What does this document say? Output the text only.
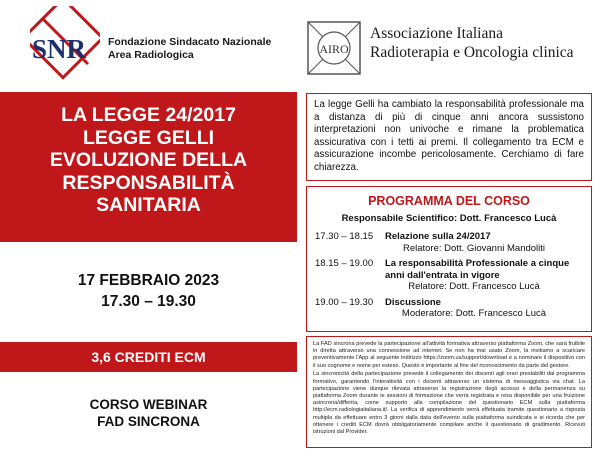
SNR Fondazione Sindacato Nazionale
Area Radiologica	AIRO
Associazione Italiana
Radioterapia e Oncologia clinica
LA LEGGE 24/2017
LEGGE GELLI
EVOLUZIONE DELLA
RESPONSABILITÀ
SANITARIA
17 FEBBRAIO 2023
17.30 – 19.30
3,6 CREDITI ECM
CORSO WEBINAR
FAD SINCRONA
La legge Gelli ha cambiato la responsabilità professionale ma a distanza di più di cinque anni ancora sussistono interpretazioni non univoche e rimane la problematica assicurativa con i tetti ai premi. Il collegamento tra ECM e assicurazione incombe pericolosamente. Cerchiamo di fare chiarezza.
PROGRAMMA DEL CORSO
Responsabile Scientifico: Dott. Francesco Lucà
17.30 – 18.15	Relazione sulla 24/2017
Relatore: Dott. Giovanni Mandoliti
18.15 – 19.00	La responsabilità Professionale a cinque anni dall'entrata in vigore
Relatore: Dott. Francesco Lucà
19.00 – 19.30	Discussione
Moderatore: Dott. Francesco Lucà

La FAD sincrona prevede la partecipazione all'attività formativa attraverso piattaforma Zoom, che sarà fruibile in diretta attraverso una connessione ad internet. Se non ha mai usato Zoom, la invitiamo a scaricare preventivamente l'App al seguente indirizzo https://zoom.us/support/download e a nominare il dispositivo con il suo cognome e nome per esteso. Questo è importante al fine del riconoscimento da parte del gestore.

La sincronicità della partecipazione prevede il collegamento dei discenti agli orari prestabiliti dal programma formativo, garantendo l'interattività con i docenti attraverso un sistema di messaggistica via chat. La partecipazione viene dunque rilevata attraverso la registrazione degli accessi e della permanenza su piattaforma Zoom durante le sessioni di formazione che verrà registrata e resa disponibile per una fruizione asincrona/differita, come supporto alla compilazione del questionario ECM sulla piattaforma http://ecm.radiologiaitaliana.it/. La verifica di apprendimento verrà effettuata tramite questionario a risposta multipla da effettuare entro 3 giorni dalla data dell'evento sulla piattaforma suindicata e si ricorda che per ottenere i crediti ECM dovrà obbligatoriamente compilare anche il questionario di gradimento. Ricevuti istruzioni dal Provider.
